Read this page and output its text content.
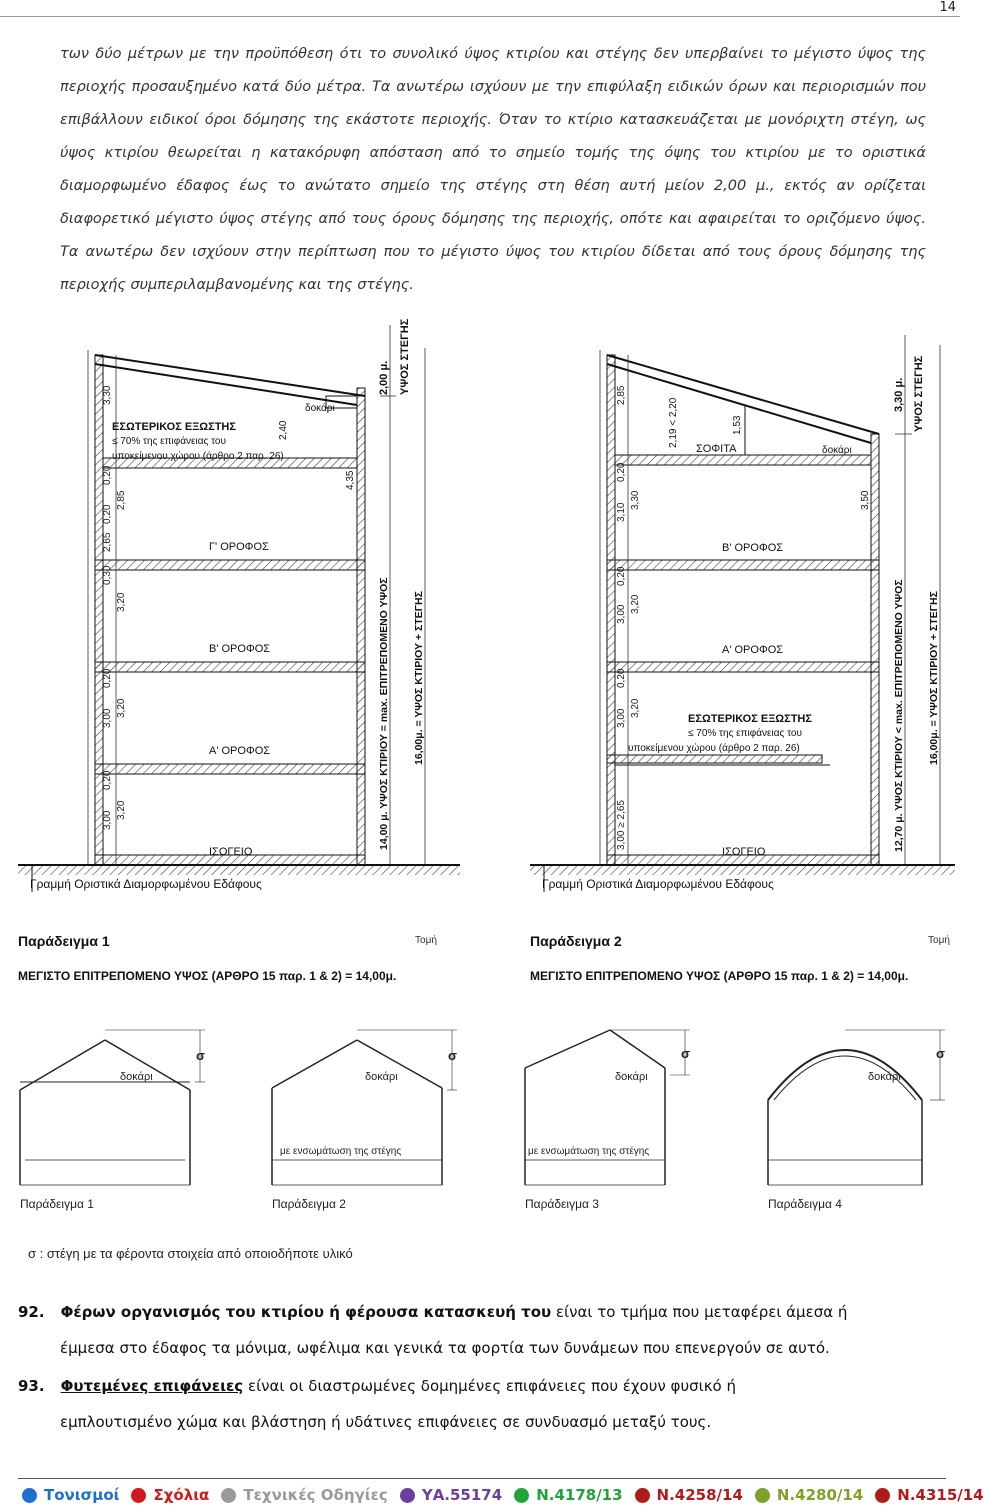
14

των δύο μέτρων με την προϋπόθεση ότι το συνολικό ύψος κτιρίου και στέγης δεν υπερβαίνει το μέγιστο ύψος της περιοχής προσαυξημένο κατά δύο μέτρα. Τα ανωτέρω ισχύουν με την επιφύλαξη ειδικών όρων και περιορισμών που επιβάλλουν ειδικοί όροι δόμησης της εκάστοτε περιοχής. Όταν το κτίριο κατασκευάζεται με μονόριχτη στέγη, ως ύψος κτιρίου θεωρείται η κατακόρυφη απόσταση από το σημείο τομής της όψης του κτιρίου με το οριστικά διαμορφωμένο έδαφος έως το ανώτατο σημείο της στέγης στη θέση αυτή μείον 2,00 μ., εκτός αν ορίζεται διαφορετικό μέγιστο ύψος στέγης από τους όρους δόμησης της περιοχής, οπότε και αφαιρείται το οριζόμενο ύψος. Τα ανωτέρω δεν ισχύουν στην περίπτωση που το μέγιστο ύψος του κτιρίου δίδεται από τους όρους δόμησης της περιοχής συμπεριλαμβανομένης και της στέγης.

3,30
0,20
2,85
0,30
3,20
0,20
3,00
3,20
0,20
3,00
3,20
0,20
2,65
ΕΣΩΤΕΡΙΚΟΣ ΕΞΩΣΤΗΣ
≤ 70% της επιφάνειας του
υποκείμενου χώρου (άρθρο 2 παρ. 26)
δοκάρι
2,40
4,35
Γ' ΟΡΟΦΟΣ
Β' ΟΡΟΦΟΣ
Α' ΟΡΟΦΟΣ
ΙΣΟΓΕΙΟ
2,00 μ. ΥΨΟΣ ΣΤΕΓΗΣ
14,00 μ. ΥΨΟΣ ΚΤΙΡΙΟΥ = max. ΕΠΙΤΡΕΠΟΜΕΝΟ ΥΨΟΣ 16,00μ. = ΥΨΟΣ ΚΤΙΡΙΟΥ + ΣΤΕΓΗΣ
Γραμμή Οριστικά Διαμορφωμένου Εδάφους
Παράδειγμα 1	Τομή
ΜΕΓΙΣΤΟ ΕΠΙΤΡΕΠΟΜΕΝΟ ΥΨΟΣ (ΑΡΘΡΟ 15 παρ. 1 & 2) = 14,00μ.
2,85
0,20
3,10
3,30
0,20
3,00
3,20
0,20
3,00
3,20
3,00 ≥ 2,65
2,19 < 2,20	1,53
ΣΟΦΙΤΑ	δοκάρι
3,50
Β' ΟΡΟΦΟΣ
Α' ΟΡΟΦΟΣ
ΕΣΩΤΕΡΙΚΟΣ ΕΞΩΣΤΗΣ
≤ 70% της επιφάνειας του
υποκείμενου χώρου (άρθρο 2 παρ. 26)
ΙΣΟΓΕΙΟ
3,30 μ. ΥΨΟΣ ΣΤΕΓΗΣ
12,70 μ. ΥΨΟΣ ΚΤΙΡΙΟΥ < max. ΕΠΙΤΡΕΠΟΜΕΝΟ ΥΨΟΣ 16,00μ. = ΥΨΟΣ ΚΤΙΡΙΟΥ + ΣΤΕΓΗΣ
Γραμμή Οριστικά Διαμορφωμένου Εδάφους
Παράδειγμα 2	Τομή
ΜΕΓΙΣΤΟ ΕΠΙΤΡΕΠΟΜΕΝΟ ΥΨΟΣ (ΑΡΘΡΟ 15 παρ. 1 & 2) = 14,00μ.
σ	σ	σ	σ
δοκάρι	δοκάρι	δοκάρι	δοκάρι
με ενσωμάτωση της στέγης	με ενσωμάτωση της στέγης
Παράδειγμα 1	Παράδειγμα 2	Παράδειγμα 3	Παράδειγμα 4
σ : στέγη με τα φέροντα στοιχεία από οποιοδήποτε υλικό

92. Φέρων οργανισμός του κτιρίου ή φέρουσα κατασκευή του είναι το τμήμα που μεταφέρει άμεσα ή

έμμεσα στο έδαφος τα μόνιμα, ωφέλιμα και γενικά τα φορτία των δυνάμεων που επενεργούν σε αυτό.

93. Φυτεμένες επιφάνειες είναι οι διαστρωμένες δομημένες επιφάνειες που έχουν φυσικό ή

εμπλουτισμένο χώμα και βλάστηση ή υδάτινες επιφάνειες σε συνδυασμό μεταξύ τους.

Τονισμοί Σχόλια Τεχνικές Οδηγίες ΥΑ.55174 Ν.4178/13 Ν.4258/14 Ν.4280/14 Ν.4315/14
